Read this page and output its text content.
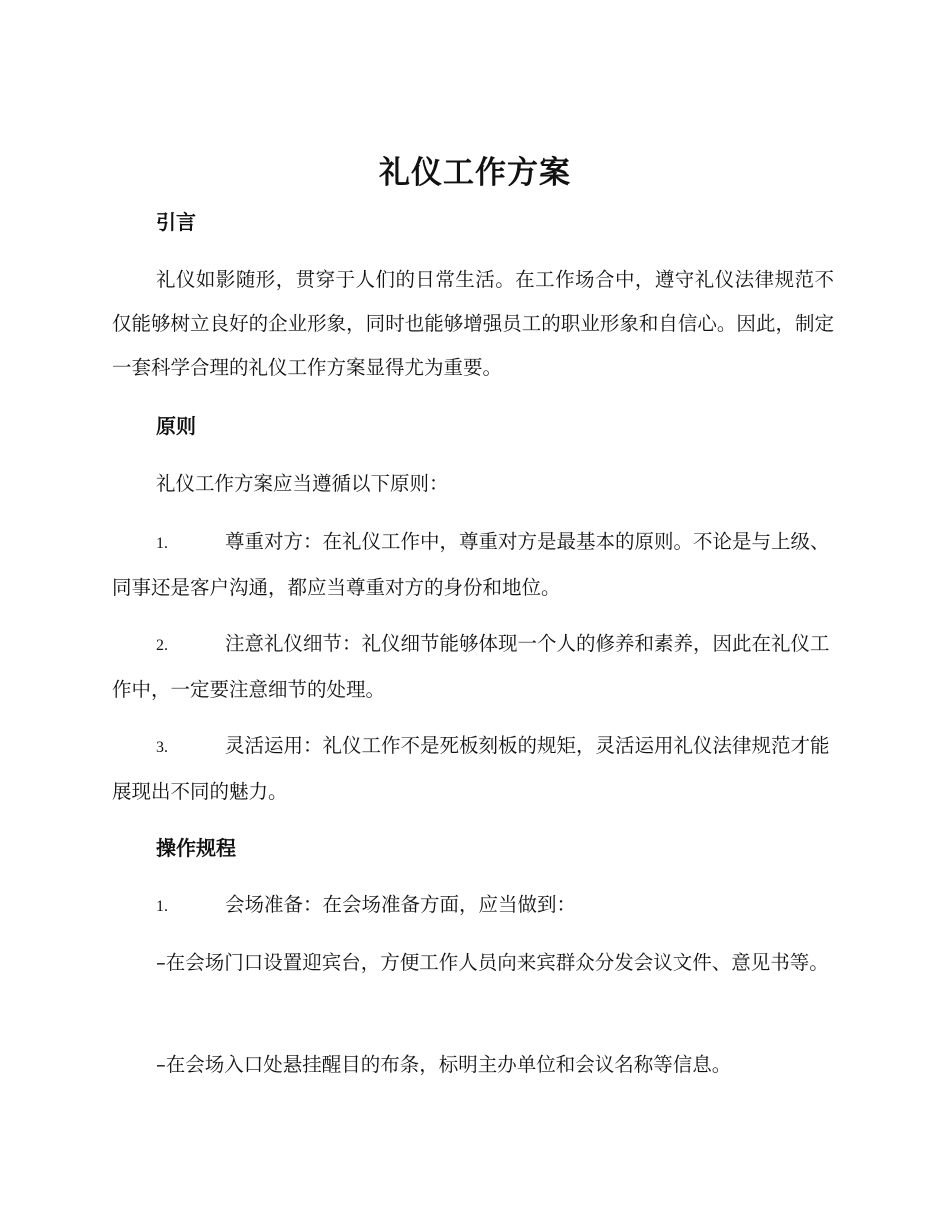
礼仪工作方案
引言

礼仪如影随形，贯穿于人们的日常生活。在工作场合中，遵守礼仪法律规范不仅能够树立良好的企业形象，同时也能够增强员工的职业形象和自信心。因此，制定一套科学合理的礼仪工作方案显得尤为重要。

原则
礼仪工作方案应当遵循以下原则：

1.	尊重对方：在礼仪工作中，尊重对方是最基本的原则。不论是与上级、同事还是客户沟通，都应当尊重对方的身份和地位。

2.	注意礼仪细节：礼仪细节能够体现一个人的修养和素养，因此在礼仪工作中，一定要注意细节的处理。

3.	灵活运用：礼仪工作不是死板刻板的规矩，灵活运用礼仪法律规范才能展现出不同的魅力。

操作规程

1.	会场准备：在会场准备方面，应当做到：

–在会场门口设置迎宾台，方便工作人员向来宾群众分发会议文件、意见书等。

–在会场入口处悬挂醒目的布条，标明主办单位和会议名称等信息。
